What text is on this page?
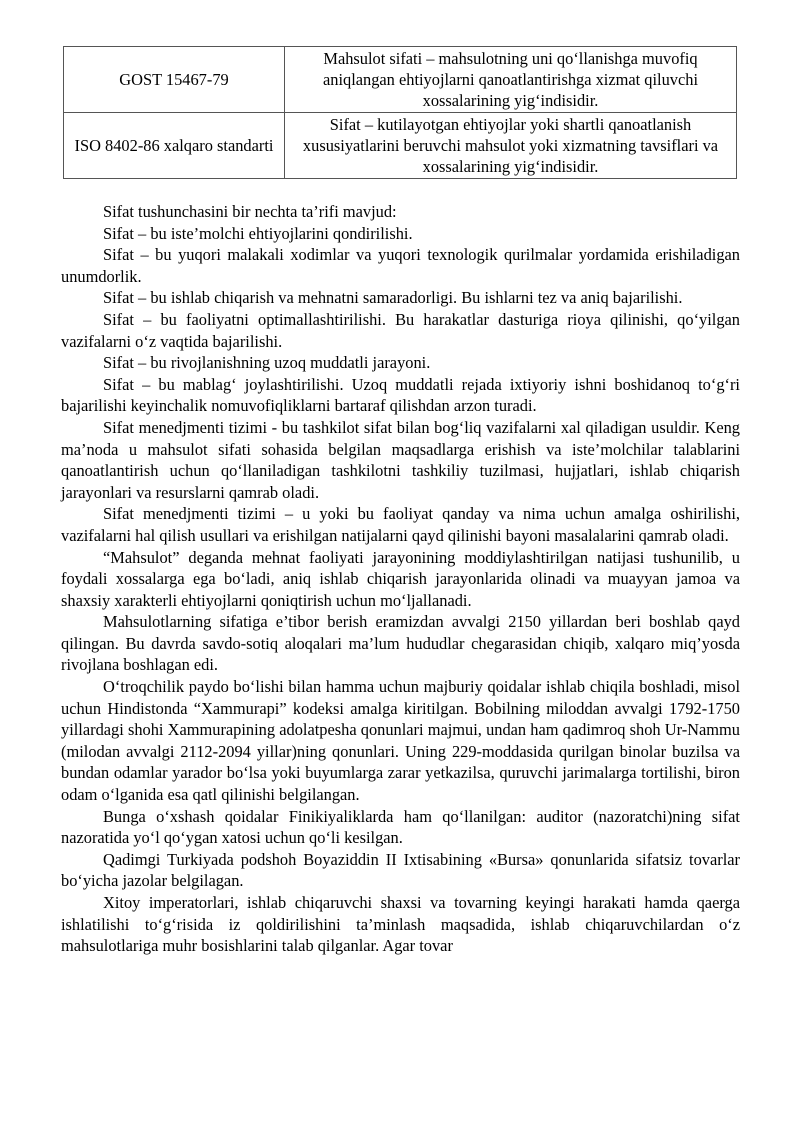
GOST 15467-79	Mahsulot sifati – mahsulotning uni qo‘llanishga muvofiq aniqlangan ehtiyojlarni qanoatlantirishga xizmat qiluvchi xossalarining yig‘indisidir.
ISO 8402-86 xalqaro standarti	Sifat – kutilayotgan ehtiyojlar yoki shartli qanoatlanish xususiyatlarini beruvchi mahsulot yoki xizmatning tavsiflari va xossalarining yig‘indisidir.

Sifat tushunchasini bir nechta ta’rifi mavjud:

Sifat – bu iste’molchi ehtiyojlarini qondirilishi.

Sifat – bu yuqori malakali xodimlar va yuqori texnologik qurilmalar yordamida erishiladigan unumdorlik.

Sifat – bu ishlab chiqarish va mehnatni samaradorligi. Bu ishlarni tez va aniq bajarilishi.

Sifat – bu faoliyatni optimallashtirilishi. Bu harakatlar dasturiga rioya qilinishi, qo‘yilgan vazifalarni o‘z vaqtida bajarilishi.

Sifat – bu rivojlanishning uzoq muddatli jarayoni.

Sifat – bu mablag‘ joylashtirilishi. Uzoq muddatli rejada ixtiyoriy ishni boshidanoq to‘g‘ri bajarilishi keyinchalik nomuvofiqliklarni bartaraf qilishdan arzon turadi.

Sifat menedjmenti tizimi - bu tashkilot sifat bilan bog‘liq vazifalarni xal qiladigan usuldir. Keng ma’noda u mahsulot sifati sohasida belgilan maqsadlarga erishish va iste’molchilar talablarini qanoatlantirish uchun qo‘llaniladigan tashkilotni tashkiliy tuzilmasi, hujjatlari, ishlab chiqarish jarayonlari va resurslarni qamrab oladi.

Sifat menedjmenti tizimi – u yoki bu faoliyat qanday va nima uchun amalga oshirilishi, vazifalarni hal qilish usullari va erishilgan natijalarni qayd qilinishi bayoni masalalarini qamrab oladi.

“Mahsulot” deganda mehnat faoliyati jarayonining moddiylashtirilgan natijasi tushunilib, u foydali xossalarga ega bo‘ladi, aniq ishlab chiqarish jarayonlarida olinadi va muayyan jamoa va shaxsiy xarakterli ehtiyojlarni qoniqtirish uchun mo‘ljallanadi.

Mahsulotlarning sifatiga e’tibor berish eramizdan avvalgi 2150 yillardan beri boshlab qayd qilingan. Bu davrda savdo-sotiq aloqalari ma’lum hududlar chegarasidan chiqib, xalqaro miq’yosda rivojlana boshlagan edi.

O‘troqchilik paydo bo‘lishi bilan hamma uchun majburiy qoidalar ishlab chiqila boshladi, misol uchun Hindistonda “Xammurapi” kodeksi amalga kiritilgan. Bobilning miloddan avvalgi 1792-1750 yillardagi shohi Xammurapining adolatpesha qonunlari majmui, undan ham qadimroq shoh Ur-Nammu (milodan avvalgi 2112-2094 yillar)ning qonunlari. Uning 229-moddasida qurilgan binolar buzilsa va bundan odamlar yarador bo‘lsa yoki buyumlarga zarar yetkazilsa, quruvchi jarimalarga tortilishi, biron odam o‘lganida esa qatl qilinishi belgilangan.

Bunga o‘xshash qoidalar Finikiyaliklarda ham qo‘llanilgan: auditor (nazoratchi)ning sifat nazoratida yo‘l qo‘ygan xatosi uchun qo‘li kesilgan.

Qadimgi Turkiyada podshoh Boyaziddin II Ixtisabining «Bursa» qonunlarida sifatsiz tovarlar bo‘yicha jazolar belgilagan.

Xitoy imperatorlari, ishlab chiqaruvchi shaxsi va tovarning keyingi harakati hamda qaerga ishlatilishi to‘g‘risida iz qoldirilishini ta’minlash maqsadida, ishlab chiqaruvchilardan o‘z mahsulotlariga muhr bosishlarini talab qilganlar. Agar tovar
